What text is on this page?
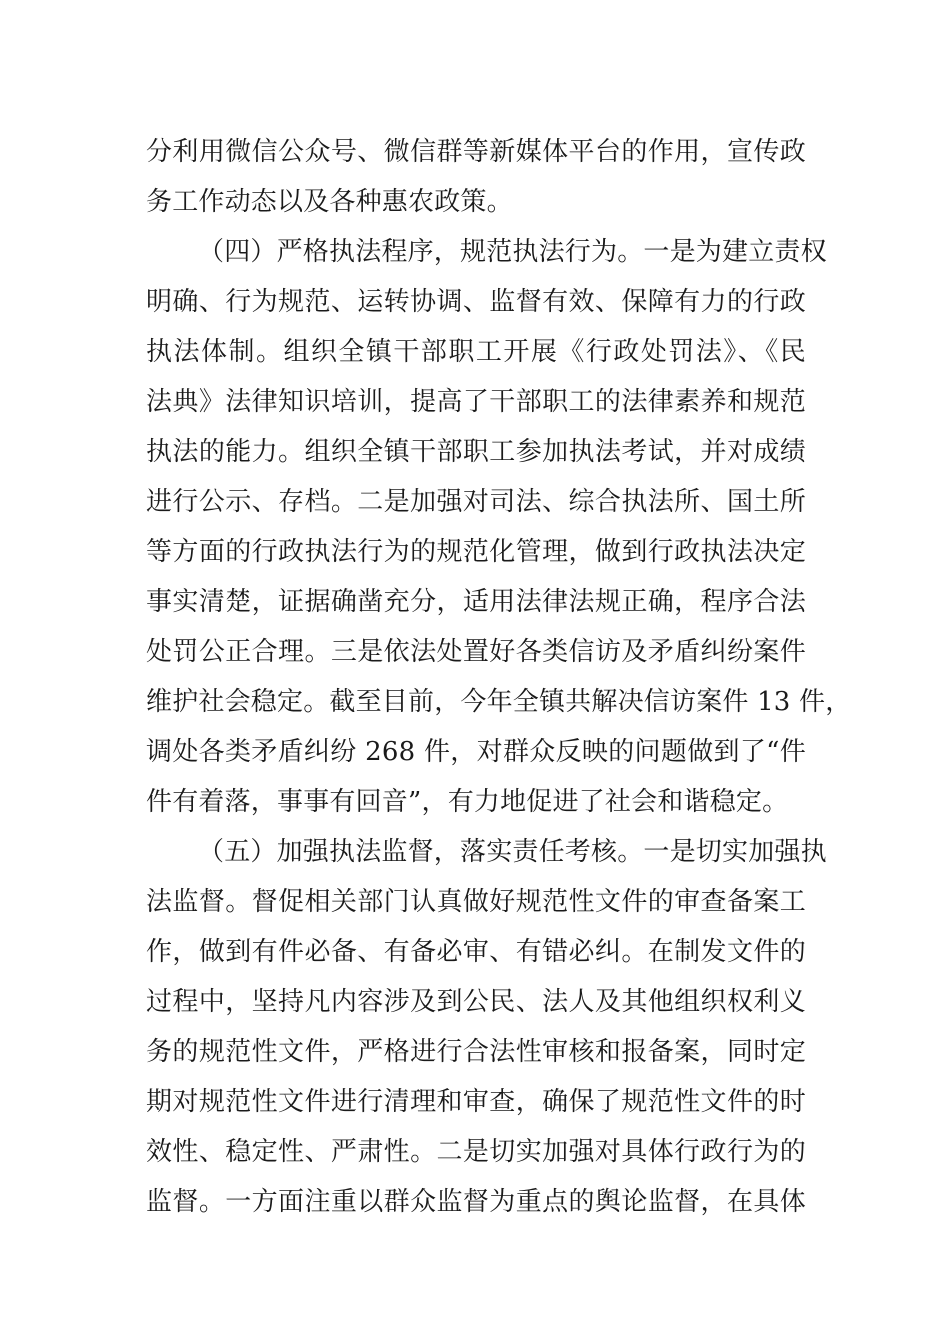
分利用微信公众号、微信群等新媒体平台的作用，宣传政
务工作动态以及各种惠农政策。
（四）严格执法程序，规范执法行为。一是为建立责权
明确、行为规范、运转协调、监督有效、保障有力的行政
执法体制。组织全镇干部职工开展《行政处罚法》、《民
法典》法律知识培训，提高了干部职工的法律素养和规范
执法的能力。组织全镇干部职工参加执法考试，并对成绩
进行公示、存档。二是加强对司法、综合执法所、国土所
等方面的行政执法行为的规范化管理，做到行政执法决定
事实清楚，证据确凿充分，适用法律法规正确，程序合法
处罚公正合理。三是依法处置好各类信访及矛盾纠纷案件
维护社会稳定。截至目前，今年全镇共解决信访案件 13 件，
调处各类矛盾纠纷 268 件，对群众反映的问题做到了“件
件有着落，事事有回音”，有力地促进了社会和谐稳定。
（五）加强执法监督，落实责任考核。一是切实加强执
法监督。督促相关部门认真做好规范性文件的审查备案工
作，做到有件必备、有备必审、有错必纠。在制发文件的
过程中，坚持凡内容涉及到公民、法人及其他组织权利义
务的规范性文件，严格进行合法性审核和报备案，同时定
期对规范性文件进行清理和审查，确保了规范性文件的时
效性、稳定性、严肃性。二是切实加强对具体行政行为的
监督。一方面注重以群众监督为重点的舆论监督，在具体
